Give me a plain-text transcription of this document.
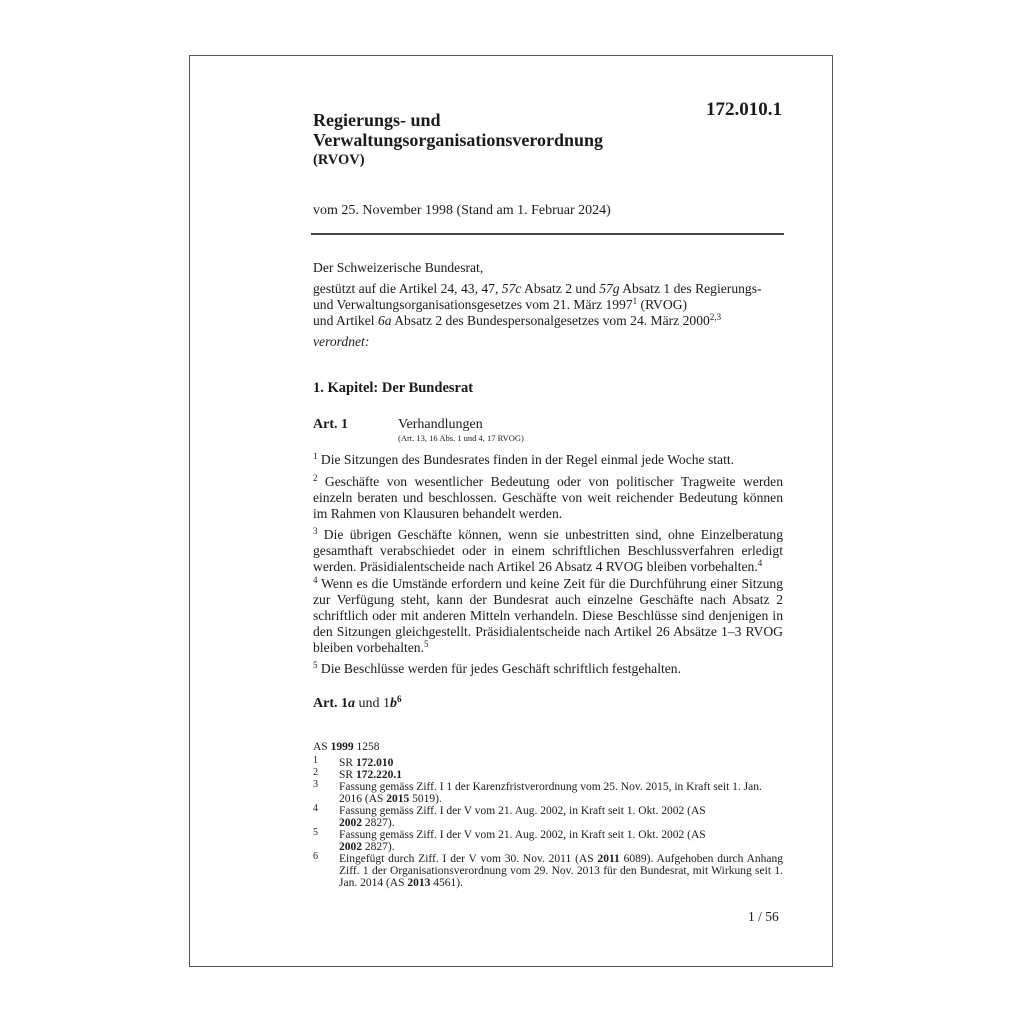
172.010.1
Regierungs- und
Verwaltungsorganisationsverordnung
(RVOV)
vom 25. November 1998 (Stand am 1. Februar 2024)
Der Schweizerische Bundesrat,
gestützt auf die Artikel 24, 43, 47, 57c Absatz 2 und 57g Absatz 1 des Regierungs- und Verwaltungsorganisationsgesetzes vom 21. März 1997$^1$ (RVOG)
und Artikel 6a Absatz 2 des Bundespersonalgesetzes vom 24. März 2000$^{2,3}$
verordnet:
1. Kapitel: Der Bundesrat
Art. 1	Verhandlungen
(Art. 13, 16 Abs. 1 und 4, 17 RVOG)
$^1$ Die Sitzungen des Bundesrates finden in der Regel einmal jede Woche statt.
$^2$ Geschäfte von wesentlicher Bedeutung oder von politischer Tragweite werden einzeln beraten und beschlossen. Geschäfte von weit reichender Bedeutung können im Rahmen von Klausuren behandelt werden.
$^3$ Die übrigen Geschäfte können, wenn sie unbestritten sind, ohne Einzelberatung gesamthaft verabschiedet oder in einem schriftlichen Beschlussverfahren erledigt werden. Präsidialentscheide nach Artikel 26 Absatz 4 RVOG bleiben vorbehalten.$^4$
$^4$ Wenn es die Umstände erfordern und keine Zeit für die Durchführung einer Sitzung zur Verfügung steht, kann der Bundesrat auch einzelne Geschäfte nach Absatz 2 schriftlich oder mit anderen Mitteln verhandeln. Diese Beschlüsse sind denjenigen in den Sitzungen gleichgestellt. Präsidialentscheide nach Artikel 26 Absätze 1–3 RVOG bleiben vorbehalten.$^5$
$^5$ Die Beschlüsse werden für jedes Geschäft schriftlich festgehalten.
Art. 1a und $1b^6$
AS 1999 1258
1 SR 172.010
2 SR 172.220.1
3 Fassung gemäss Ziff. I 1 der Karenzfristverordnung vom 25. Nov. 2015, in Kraft seit 1. Jan. 2016 (AS 2015 5019).
4 Fassung gemäss Ziff. I der V vom 21. Aug. 2002, in Kraft seit 1. Okt. 2002 (AS 2002 2827).
5 Fassung gemäss Ziff. I der V vom 21. Aug. 2002, in Kraft seit 1. Okt. 2002 (AS 2002 2827).
6 Eingefügt durch Ziff. I der V vom 30. Nov. 2011 (AS 2011 6089). Aufgehoben durch Anhang Ziff. 1 der Organisationsverordnung vom 29. Nov. 2013 für den Bundesrat, mit Wirkung seit 1. Jan. 2014 (AS 2013 4561).
1 / 56
